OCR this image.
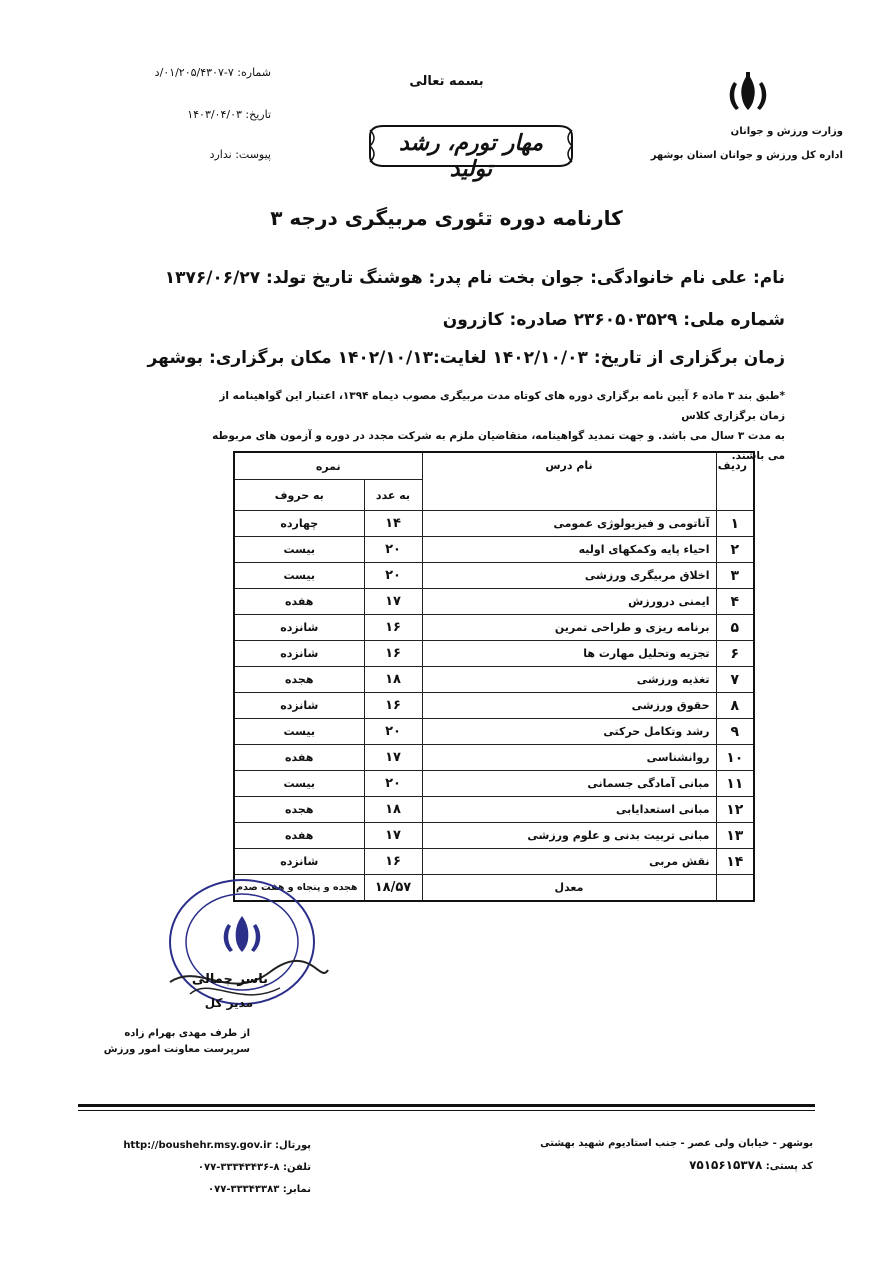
شماره: ۷-۰۱/۲۰۵/۴۳۰۷/د
تاریخ: ۱۴۰۳/۰۴/۰۳
پیوست: ندارد
بسمه تعالی
مهار تورم، رشد تولید
وزارت ورزش و جوانان
اداره کل ورزش و جوانان استان بوشهر
کارنامه دوره تئوری مربیگری درجه ۳
نام: علی نام خانوادگی: جوان بخت نام پدر: هوشنگ تاریخ تولد: ۱۳۷۶/۰۶/۲۷
شماره ملی: ۲۳۶۰۵۰۳۵۲۹ صادره: کازرون
زمان برگزاری از تاریخ: ۱۴۰۲/۱۰/۰۳ لغایت:۱۴۰۲/۱۰/۱۳ مکان برگزاری: بوشهر
*طبق بند ۳ ماده ۶ آیین نامه برگزاری دوره های کوتاه مدت مربیگری مصوب دیماه ۱۳۹۴، اعتبار این گواهینامه از زمان برگزاری کلاس
به مدت ۳ سال می باشد. و جهت تمدید گواهینامه، متقاضیان ملزم به شرکت مجدد در دوره و آزمون های مربوطه می باشند.
ردیف	نام درس	نمره	
		به عدد	به حروف
۱	آناتومی و فیزیولوژی عمومی	۱۴	چهارده
۲	احیاء پایه وکمکهای اولیه	۲۰	بیست
۳	اخلاق مربیگری ورزشی	۲۰	بیست
۴	ایمنی درورزش	۱۷	هفده
۵	برنامه ریزی و طراحی تمرین	۱۶	شانزده
۶	تجزیه وتحلیل مهارت ها	۱۶	شانزده
۷	تغذیه ورزشی	۱۸	هجده
۸	حقوق ورزشی	۱۶	شانزده
۹	رشد وتکامل حرکتی	۲۰	بیست
۱۰	روانشناسی	۱۷	هفده
۱۱	مبانی آمادگی جسمانی	۲۰	بیست
۱۲	مبانی استعدایابی	۱۸	هجده
۱۳	مبانی تربیت بدنی و علوم ورزشی	۱۷	هفده
۱۴	نقش مربی	۱۶	شانزده
	معدل	۱۸/۵۷	هجده و پنجاه و هفت صدم
یاسر جمالی
مدیر کل
از طرف مهدی بهرام زاده
سرپرست معاونت امور ورزش
بوشهر - خیابان ولی عصر - جنب استادیوم شهید بهشتی
کد پستی: ۷۵۱۵۶۱۵۳۷۸
پورتال: http://boushehr.msy.gov.ir
تلفن: ۰۷۷-۳۳۳۴۳۴۳۶-۸
نمابر: ۰۷۷-۳۳۳۴۳۳۸۳
